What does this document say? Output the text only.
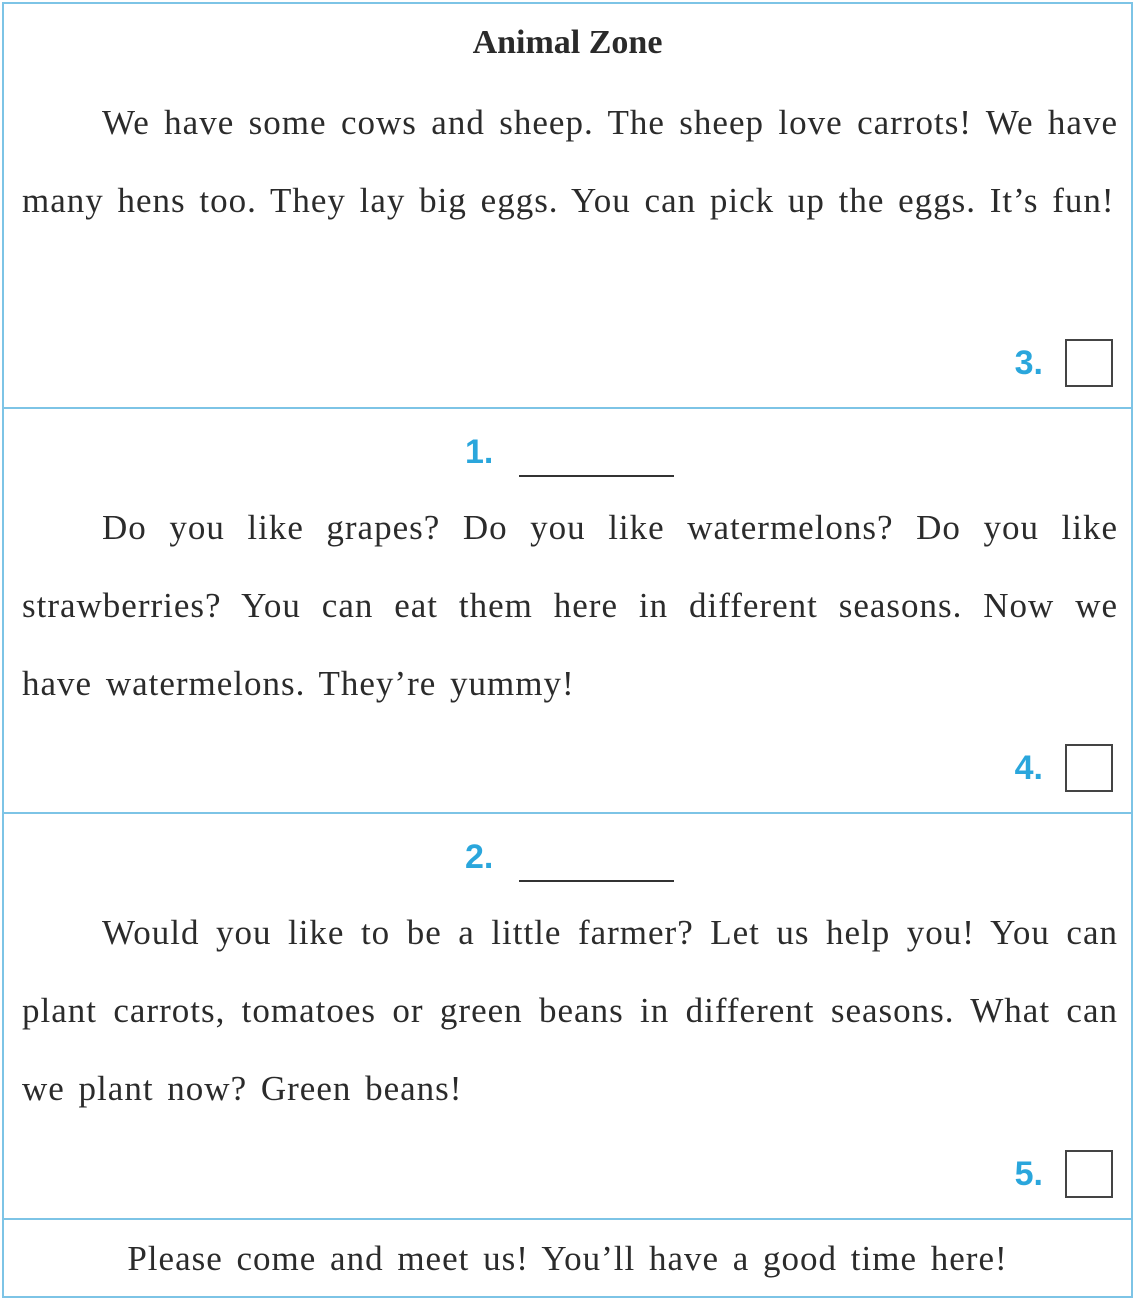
Animal Zone

We have some cows and sheep. The sheep love carrots! We have many hens too. They lay big eggs. You can pick up the eggs. It’s fun!

3.
1.

Do you like grapes? Do you like watermelons? Do you like strawberries? You can eat them here in different seasons. Now we have watermelons. They’re yummy!

4.
2.

Would you like to be a little farmer? Let us help you! You can plant carrots, tomatoes or green beans in different seasons. What can we plant now? Green beans!

5.

Please come and meet us! You’ll have a good time here!
